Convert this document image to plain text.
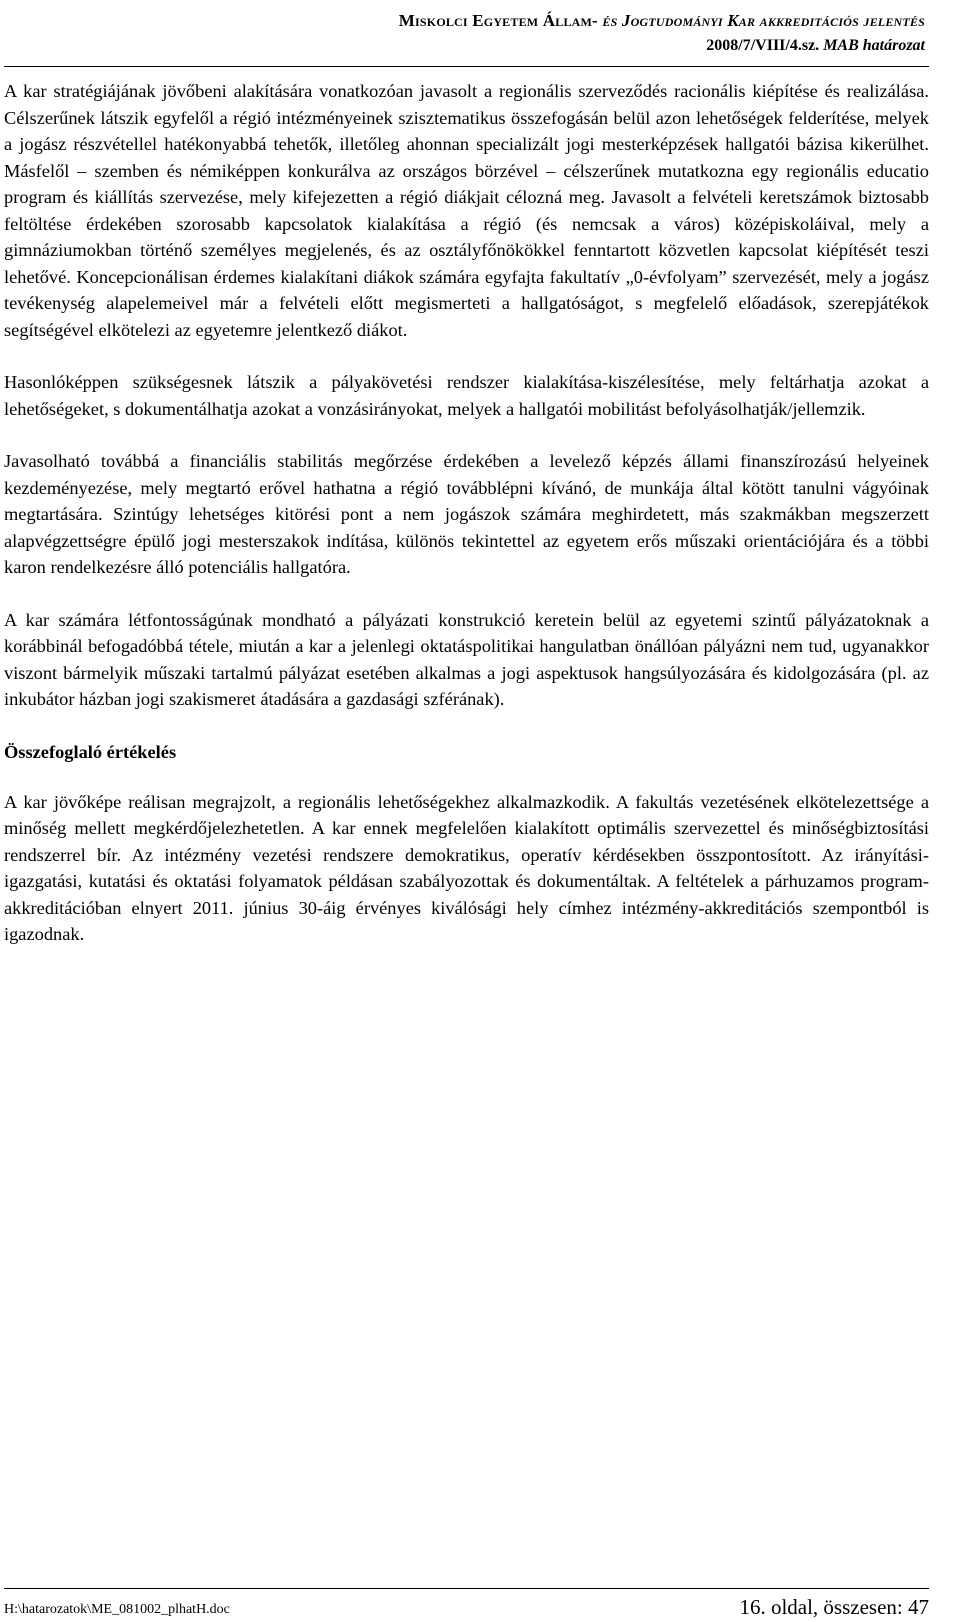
Miskolci Egyetem Állam- és Jogtudományi Kar akkreditációs jelentés
2008/7/VIII/4.sz. MAB határozat

A kar stratégiájának jövőbeni alakítására vonatkozóan javasolt a regionális szerveződés racionális kiépítése és realizálása. Célszerűnek látszik egyfelől a régió intézményeinek szisztematikus összefogásán belül azon lehetőségek felderítése, melyek a jogász részvétellel hatékonyabbá tehetők, illetőleg ahonnan specializált jogi mesterképzések hallgatói bázisa kikerülhet. Másfelől – szemben és némiképpen konkurálva az országos börzével – célszerűnek mutatkozna egy regionális educatio program és kiállítás szervezése, mely kifejezetten a régió diákjait célozná meg. Javasolt a felvételi keretszámok biztosabb feltöltése érdekében szorosabb kapcsolatok kialakítása a régió (és nemcsak a város) középiskoláival, mely a gimnáziumokban történő személyes megjelenés, és az osztályfőnökökkel fenntartott közvetlen kapcsolat kiépítését teszi lehetővé. Koncepcionálisan érdemes kialakítani diákok számára egyfajta fakultatív „0-évfolyam” szervezését, mely a jogász tevékenység alapelemeivel már a felvételi előtt megismerteti a hallgatóságot, s megfelelő előadások, szerepjátékok segítségével elkötelezi az egyetemre jelentkező diákot.

Hasonlóképpen szükségesnek látszik a pályakövetési rendszer kialakítása-kiszélesítése, mely feltárhatja azokat a lehetőségeket, s dokumentálhatja azokat a vonzásirányokat, melyek a hallgatói mobilitást befolyásolhatják/jellemzik.

Javasolható továbbá a financiális stabilitás megőrzése érdekében a levelező képzés állami finanszírozású helyeinek kezdeményezése, mely megtartó erővel hathatna a régió továbblépni kívánó, de munkája által kötött tanulni vágyóinak megtartására. Szintúgy lehetséges kitörési pont a nem jogászok számára meghirdetett, más szakmákban megszerzett alapvégzettségre épülő jogi mesterszakok indítása, különös tekintettel az egyetem erős műszaki orientációjára és a többi karon rendelkezésre álló potenciális hallgatóra.

A kar számára létfontosságúnak mondható a pályázati konstrukció keretein belül az egyetemi szintű pályázatoknak a korábbinál befogadóbbá tétele, miután a kar a jelenlegi oktatáspolitikai hangulatban önállóan pályázni nem tud, ugyanakkor viszont bármelyik műszaki tartalmú pályázat esetében alkalmas a jogi aspektusok hangsúlyozására és kidolgozására (pl. az inkubátor házban jogi szakismeret átadására a gazdasági szférának).

Összefoglaló értékelés

A kar jövőképe reálisan megrajzolt, a regionális lehetőségekhez alkalmazkodik. A fakultás vezetésének elkötelezettsége a minőség mellett megkérdőjelezhetetlen. A kar ennek megfelelően kialakított optimális szervezettel és minőségbiztosítási rendszerrel bír. Az intézmény vezetési rendszere demokratikus, operatív kérdésekben összpontosított. Az irányítási-igazgatási, kutatási és oktatási folyamatok példásan szabályozottak és dokumentáltak. A feltételek a párhuzamos program-akkreditációban elnyert 2011. június 30-áig érvényes kiválósági hely címhez intézmény-akkreditációs szempontból is igazodnak.

H:\hatarozatok\ME_081002_plhatH.doc	16. oldal, összesen: 47
